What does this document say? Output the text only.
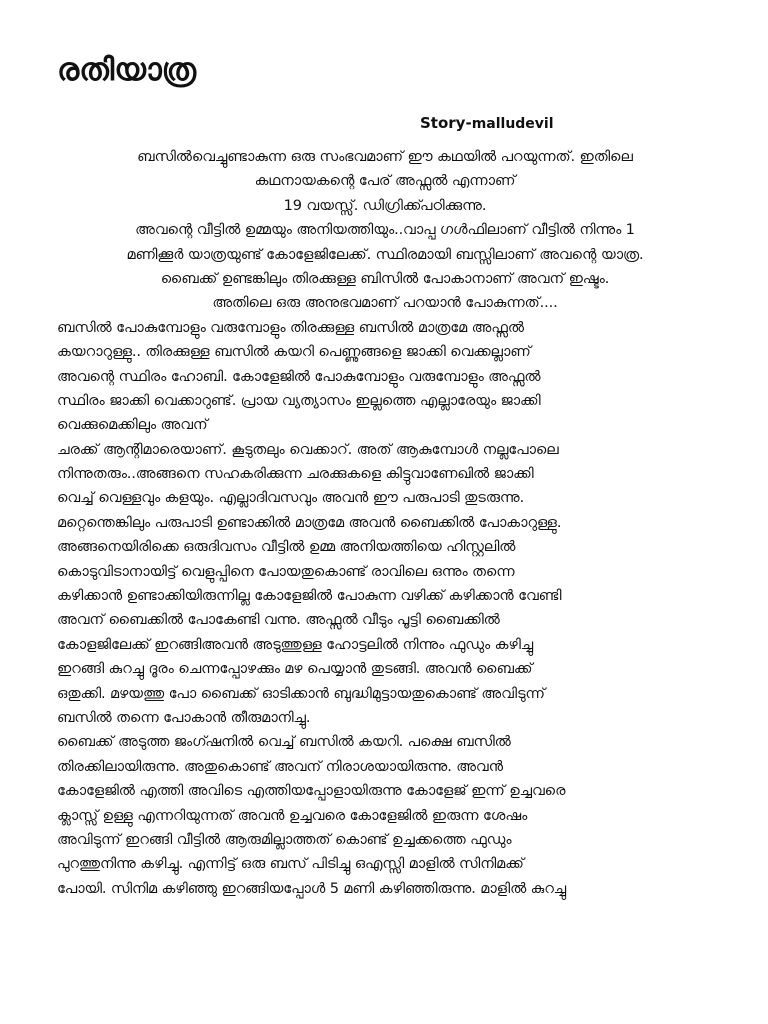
രതിയാത്ര
Story-malludevil
ബസിൽവെച്ചുണ്ടാകുന്ന ഒരു സംഭവമാണ് ഈ കഥയിൽ പറയുന്നത്. ഇതിലെ
കഥനായകന്റെ പേര് അഫ്സൽ എന്നാണ്
19 വയസ്സ്. ഡിഗ്രിക്ക്പഠിക്കുന്നു.
അവന്റെ വീട്ടിൽ ഉമ്മയും അനിയത്തിയും..വാപ്പ ഗൾഫിലാണ് വീട്ടിൽ നിന്നും 1
മണിക്കൂർ യാത്രയുണ്ട് കോളേജിലേക്ക്. സ്ഥിരമായി ബസ്സിലാണ് അവന്റെ യാത്ര.
ബൈക്ക് ഉണ്ടങ്കിലും തിരക്കുള്ള ബിസിൽ പോകാനാണ് അവന് ഇഷ്ടം.
അതിലെ ഒരു അനുഭവമാണ് പറയാൻ പോകുന്നത്....
ബസിൽ പോകുമ്പോളും വരുമ്പോളും തിരക്കുള്ള ബസിൽ മാത്രമേ അഫ്സൽ
കയറാറുള്ളു.. തിരക്കുള്ള ബസിൽ കയറി പെണ്ണുങ്ങളെ ജാക്കി വെക്കല്ലാണ്
അവന്റെ സ്ഥിരം ഹോബി. കോളേജിൽ പോകുമ്പോളും വരുമ്പോളും അഫ്സൽ
സ്ഥിരം ജാക്കി വെക്കാറുണ്ട്. പ്രായ വ്യത്യാസം ഇല്ലത്തെ എല്ലാരേയും ജാക്കി
വെക്കുമെക്കിലും അവന്
ചരക്ക് ആന്റിമാരെയാണ്. കൂടുതലും വെക്കാറ്. അത് ആകുമ്പോൾ നല്ലപോലെ
നിന്നുതരും..അങ്ങനെ സഹകരിക്കുന്ന ചരക്കുകളെ കിട്ടുവാണേഖിൽ ജാക്കി
വെച്ച് വെള്ളവും കളയും. എല്ലാദിവസവും അവൻ ഈ പരുപാടി തുടരുന്നു.
മറ്റെന്തെങ്കിലും പരുപാടി ഉണ്ടാക്കിൽ മാത്രമേ അവൻ ബൈക്കിൽ പോകാറുള്ളു.
അങ്ങനെയിരിക്കെ ഒരുദിവസം വീട്ടിൽ ഉമ്മ അനിയത്തിയെ ഹിസ്റ്റലിൽ
കൊടുവിടാനായിട്ട് വെളുപ്പിനെ പോയതുകൊണ്ട് രാവിലെ ഒന്നും തന്നെ
കഴിക്കാൻ ഉണ്ടാക്കിയിരുന്നില്ല കോളേജിൽ പോകുന്ന വഴിക്ക് കഴിക്കാൻ വേണ്ടി
അവന് ബൈക്കിൽ പോകേണ്ടി വന്നു. അഫ്സൽ വീടും പൂട്ടി ബൈക്കിൽ
കോളജിലേക്ക് ഇറങ്ങിഅവൻ അടുത്തുള്ള ഹോട്ടലിൽ നിന്നും ഫുഡും കഴിച്ചു
ഇറങ്ങി കുറച്ചു ദൂരം ചെന്നപ്പോഴക്കും മഴ പെയ്യാൻ തുടങ്ങി. അവൻ ബൈക്ക്
ഒതുക്കി. മഴയത്തു പോ ബൈക്ക് ഓടിക്കാൻ ബുദ്ധിമുട്ടായതുകൊണ്ട് അവിടുന്ന്
ബസിൽ തന്നെ പോകാൻ തീരുമാനിച്ചു.
ബൈക്ക് അടുത്ത ജംഗ്ഷനിൽ വെച്ച് ബസിൽ കയറി. പക്ഷെ ബസിൽ
തിരക്കിലായിരുന്നു. അതുകൊണ്ട് അവന് നിരാശയായിരുന്നു. അവൻ
കോളേജിൽ എത്തി അവിടെ എത്തിയപ്പോളായിരുന്നു കോളേജ് ഇന്ന് ഉച്ചവരെ
ക്ലാസ്സ് ഉള്ളു എന്നറിയുന്നത് അവൻ ഉച്ചവരെ കോളേജിൽ ഇരുന്ന ശേഷം
അവിടുന്ന് ഇറങ്ങി വീട്ടിൽ ആരുമില്ലാത്തത് കൊണ്ട് ഉച്ചക്കത്തെ ഫുഡും
പുറത്തുനിന്നു കഴിച്ചു. എന്നിട്ട് ഒരു ബസ് പിടിച്ചു ഒഎസ്സി മാളിൽ സിനിമക്ക്
പോയി. സിനിമ കഴിഞ്ഞു ഇറങ്ങിയപ്പോൾ 5 മണി കഴിഞ്ഞിരുന്നു. മാളിൽ കുറച്ചു
